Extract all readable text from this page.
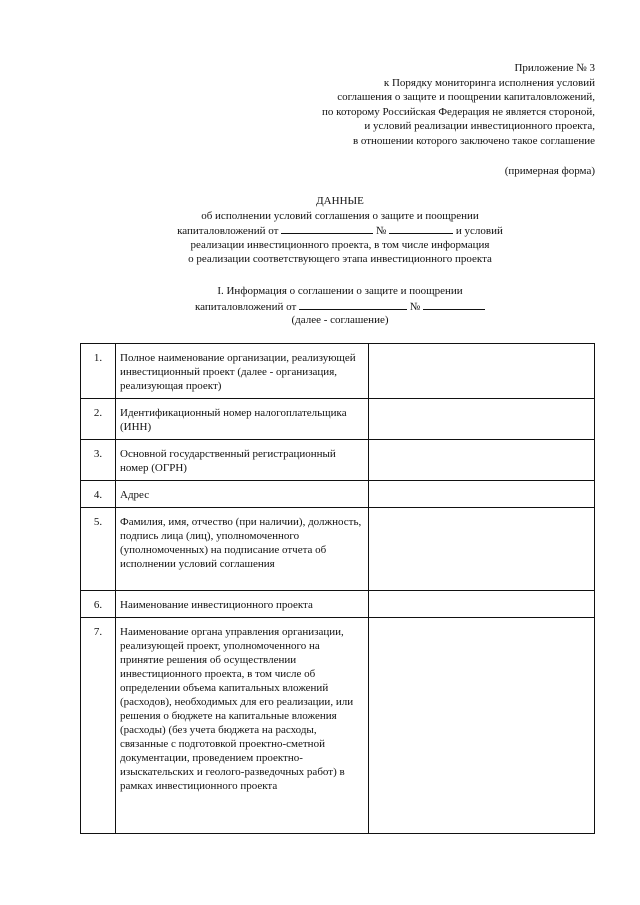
Приложение № 3
к Порядку мониторинга исполнения условий
соглашения о защите и поощрении капиталовложений,
по которому Российская Федерация не является стороной,
и условий реализации инвестиционного проекта,
в отношении которого заключено такое соглашение
(примерная форма)
ДАННЫЕ
об исполнении условий соглашения о защите и поощрении
капиталовложений от	№	и условий
реализации инвестиционного проекта, в том числе информация
о реализации соответствующего этапа инвестиционного проекта
I. Информация о соглашении о защите и поощрении
капиталовложений от	№
(далее - соглашение)
1.	Полное наименование организации, реализующей инвестиционный проект (далее - организация, реализующая проект)	
2.	Идентификационный номер налогоплательщика (ИНН)	
3.	Основной государственный регистрационный номер (ОГРН)	
4.	Адрес	
5.	Фамилия, имя, отчество (при наличии), должность, подпись лица (лиц), уполномоченного (уполномоченных) на подписание отчета об исполнении условий соглашения	
6.	Наименование инвестиционного проекта	
7.	Наименование органа управления организации, реализующей проект, уполномоченного на принятие решения об осуществлении инвестиционного проекта, в том числе об определении объема капитальных вложений (расходов), необходимых для его реализации, или решения о бюджете на капитальные вложения (расходы) (без учета бюджета на расходы, связанные с подготовкой проектно-сметной документации, проведением проектно-изыскательских и геолого-разведочных работ) в рамках инвестиционного проекта	
